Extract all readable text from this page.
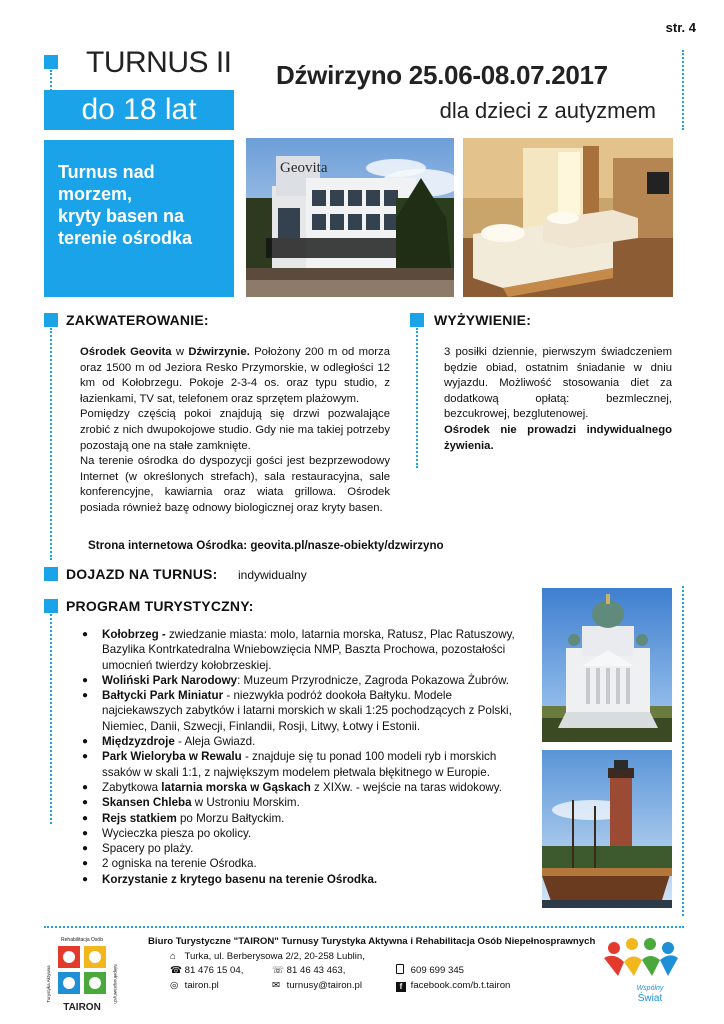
str. 4
TURNUS II
do 18 lat
Dźwirzyno 25.06-08.07.2017
dla dzieci z autyzmem
Turnus nad
morzem,
kryty basen na
terenie ośrodka
Geovita
ZAKWATEROWANIE:

Ośrodek Geovita w Dźwirzynie. Położony 200 m od morza oraz 1500 m od Jeziora Resko Przymorskie, w odległości 12 km od Kołobrzegu. Pokoje 2-3-4 os. oraz typu studio, z łazienkami, TV sat, telefonem oraz sprzętem plażowym.

Pomiędzy częścią pokoi znajdują się drzwi pozwalające zrobić z nich dwupokojowe studio. Gdy nie ma takiej potrzeby pozostają one na stałe zamknięte.

Na terenie ośrodka do dyspozycji gości jest bezprzewodowy Internet (w określonych strefach), sala restauracyjna, sale konferencyjne, kawiarnia oraz wiata grillowa. Ośrodek posiada również bazę odnowy biologicznej oraz kryty basen.

Strona internetowa Ośrodka: geovita.pl/nasze-obiekty/dzwirzyno
WYŻYWIENIE:

3 posiłki dziennie, pierwszym świadczeniem będzie obiad, ostatnim śniadanie w dniu wyjazdu. Możliwość stosowania diet za dodatkową opłatą: bezmlecznej, bezcukrowej, bezglutenowej.

Ośrodek nie prowadzi indywidualnego żywienia.

DOJAZD NA TURNUS: indywidualny
PROGRAM TURYSTYCZNY:
● Kołobrzeg - zwiedzanie miasta: molo, latarnia morska, Ratusz, Plac Ratuszowy, Bazylika Kontrkatedralna Wniebowzięcia NMP, Baszta Prochowa, pozostałości umocnień twierdzy kołobrzeskiej.
● Woliński Park Narodowy: Muzeum Przyrodnicze, Zagroda Pokazowa Żubrów.
● Bałtycki Park Miniatur - niezwykła podróż dookoła Bałtyku. Modele najciekawszych zabytków i latarni morskich w skali 1:25 pochodzących z Polski, Niemiec, Danii, Szwecji, Finlandii, Rosji, Litwy, Łotwy i Estonii.
● Międzyzdroje - Aleja Gwiazd.
● Park Wieloryba w Rewalu - znajduje się tu ponad 100 modeli ryb i morskich ssaków w skali 1:1, z największym modelem płetwala błękitnego w Europie.
● Zabytkowa latarnia morska w Gąskach z XIXw. - wejście na taras widokowy.
● Skansen Chleba w Ustroniu Morskim.
● Rejs statkiem po Morzu Bałtyckim.
● Wycieczka piesza po okolicy.
● Spacery po plaży.
● 2 ogniska na terenie Ośrodka.
● Korzystanie z krytego basenu na terenie Ośrodka.
Rehabilitacja Osób
Turystyka Aktywna	Niepełnosprawnych
TAIRON
Biuro Turystyczne "TAIRON" Turnusy Turystyka Aktywna i Rehabilitacja Osób Niepełnosprawnych
⌂ Turka, ul. Berberysowa 2/2, 20-258 Lublin,
☎ 81 476 15 04,	☏ 81 46 43 463,	609 699 345
◎ tairon.pl	✉ turnusy@tairon.pl	f facebook.com/b.t.tairon	Wspólny
Świat
